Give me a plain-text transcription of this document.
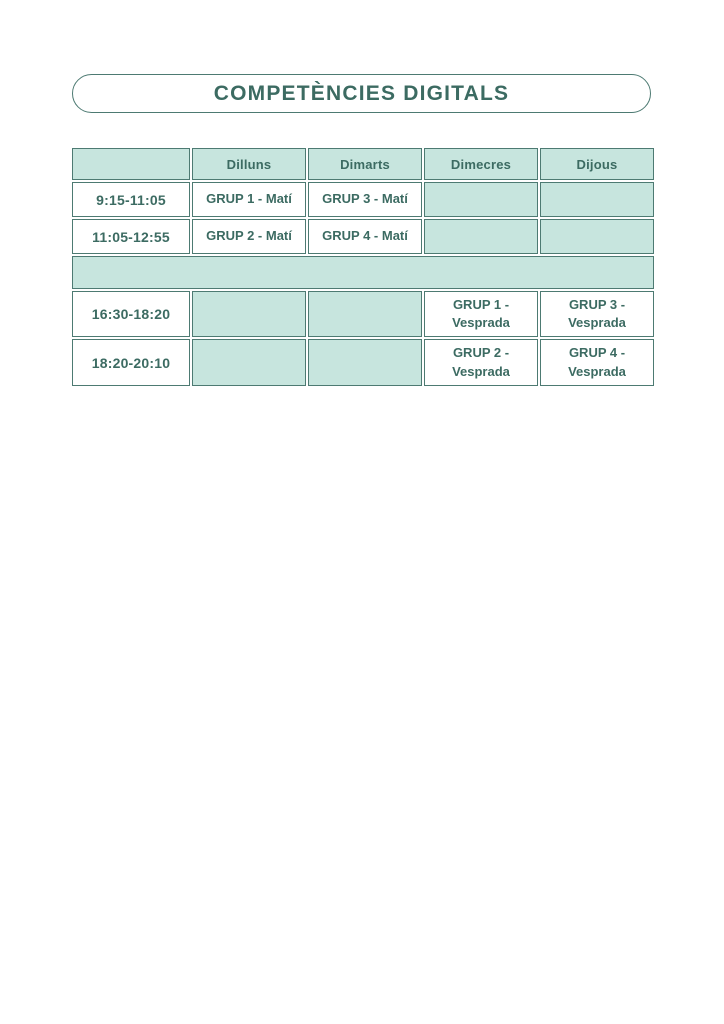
COMPETÈNCIES DIGITALS
	Dilluns	Dimarts	Dimecres	Dijous
9:15-11:05	GRUP 1 - Matí	GRUP 3 - Matí		
11:05-12:55	GRUP 2 - Matí	GRUP 4 - Matí		

16:30-18:20			GRUP 1 - Vesprada	GRUP 3 - Vesprada
18:20-20:10			GRUP 2 - Vesprada	GRUP 4 - Vesprada
